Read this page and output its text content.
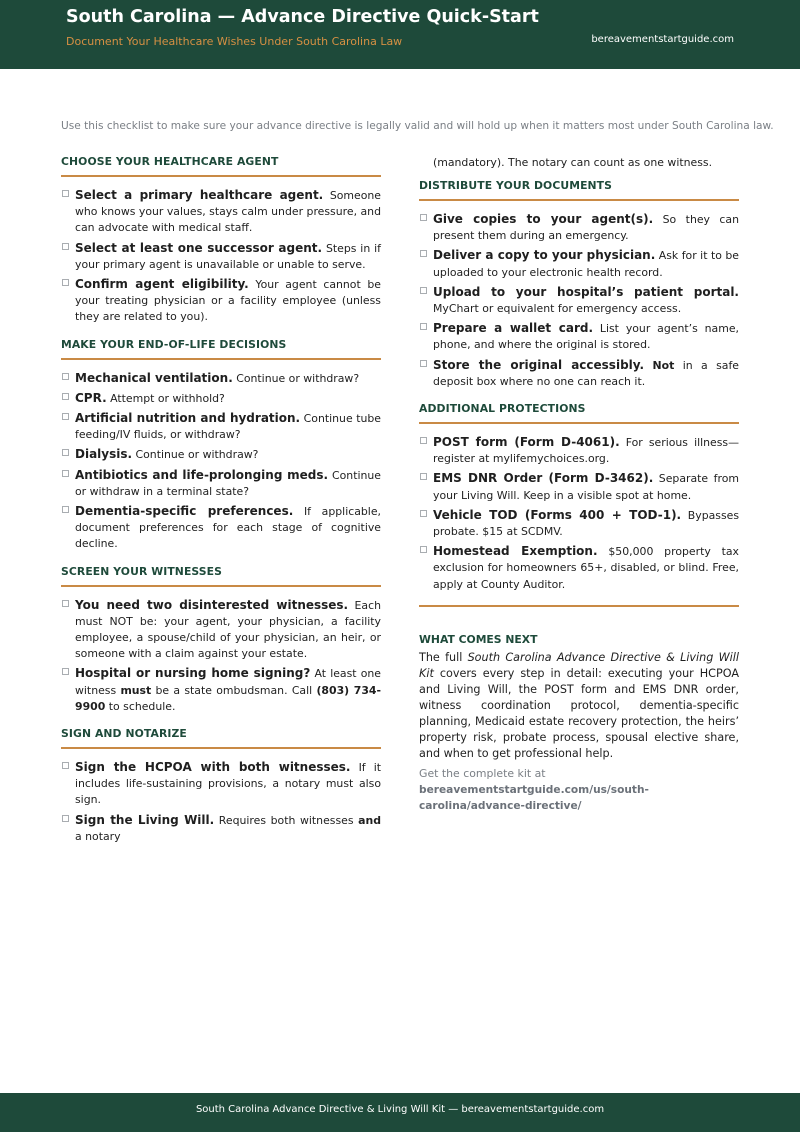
South Carolina — Advance Directive Quick-Start
Document Your Healthcare Wishes Under South Carolina Law	bereavementstartguide.com
Use this checklist to make sure your advance directive is legally valid and will hold up when it matters most under South Carolina law.
CHOOSE YOUR HEALTHCARE AGENT
Select a primary healthcare agent. Someone who knows your values, stays calm under pressure, and can advocate with medical staff.
Select at least one successor agent. Steps in if your primary agent is unavailable or unable to serve.
Confirm agent eligibility. Your agent cannot be your treating physician or a facility employee (unless they are related to you).
MAKE YOUR END-OF-LIFE DECISIONS
Mechanical ventilation. Continue or withdraw?
CPR. Attempt or withhold?
Artificial nutrition and hydration. Continue tube feeding/IV fluids, or withdraw?
Dialysis. Continue or withdraw?
Antibiotics and life-prolonging meds. Continue or withdraw in a terminal state?
Dementia-specific preferences. If applicable, document preferences for each stage of cognitive decline.
SCREEN YOUR WITNESSES
You need two disinterested witnesses. Each must NOT be: your agent, your physician, a facility employee, a spouse/child of your physician, an heir, or someone with a claim against your estate.
Hospital or nursing home signing? At least one witness must be a state ombudsman. Call (803) 734-9900 to schedule.
SIGN AND NOTARIZE
Sign the HCPOA with both witnesses. If it includes life-sustaining provisions, a notary must also sign.
Sign the Living Will. Requires both witnesses and a notary
(mandatory). The notary can count as one witness.
DISTRIBUTE YOUR DOCUMENTS
Give copies to your agent(s). So they can present them during an emergency.
Deliver a copy to your physician. Ask for it to be uploaded to your electronic health record.
Upload to your hospital’s patient portal. MyChart or equivalent for emergency access.
Prepare a wallet card. List your agent’s name, phone, and where the original is stored.
Store the original accessibly. Not in a safe deposit box where no one can reach it.
ADDITIONAL PROTECTIONS
POST form (Form D-4061). For serious illness—register at mylifemychoices.org.
EMS DNR Order (Form D-3462). Separate from your Living Will. Keep in a visible spot at home.
Vehicle TOD (Forms 400 + TOD-1). Bypasses probate. $15 at SCDMV.
Homestead Exemption. $50,000 property tax exclusion for homeowners 65+, disabled, or blind. Free, apply at County Auditor.
WHAT COMES NEXT
The full South Carolina Advance Directive & Living Will Kit covers every step in detail: executing your HCPOA and Living Will, the POST form and EMS DNR order, witness coordination protocol, dementia-specific planning, Medicaid estate recovery protection, the heirs’ property risk, probate process, spousal elective share, and when to get professional help.
Get the complete kit at
bereavementstartguide.com/us/south-carolina/advance-directive/
South Carolina Advance Directive & Living Will Kit — bereavementstartguide.com
